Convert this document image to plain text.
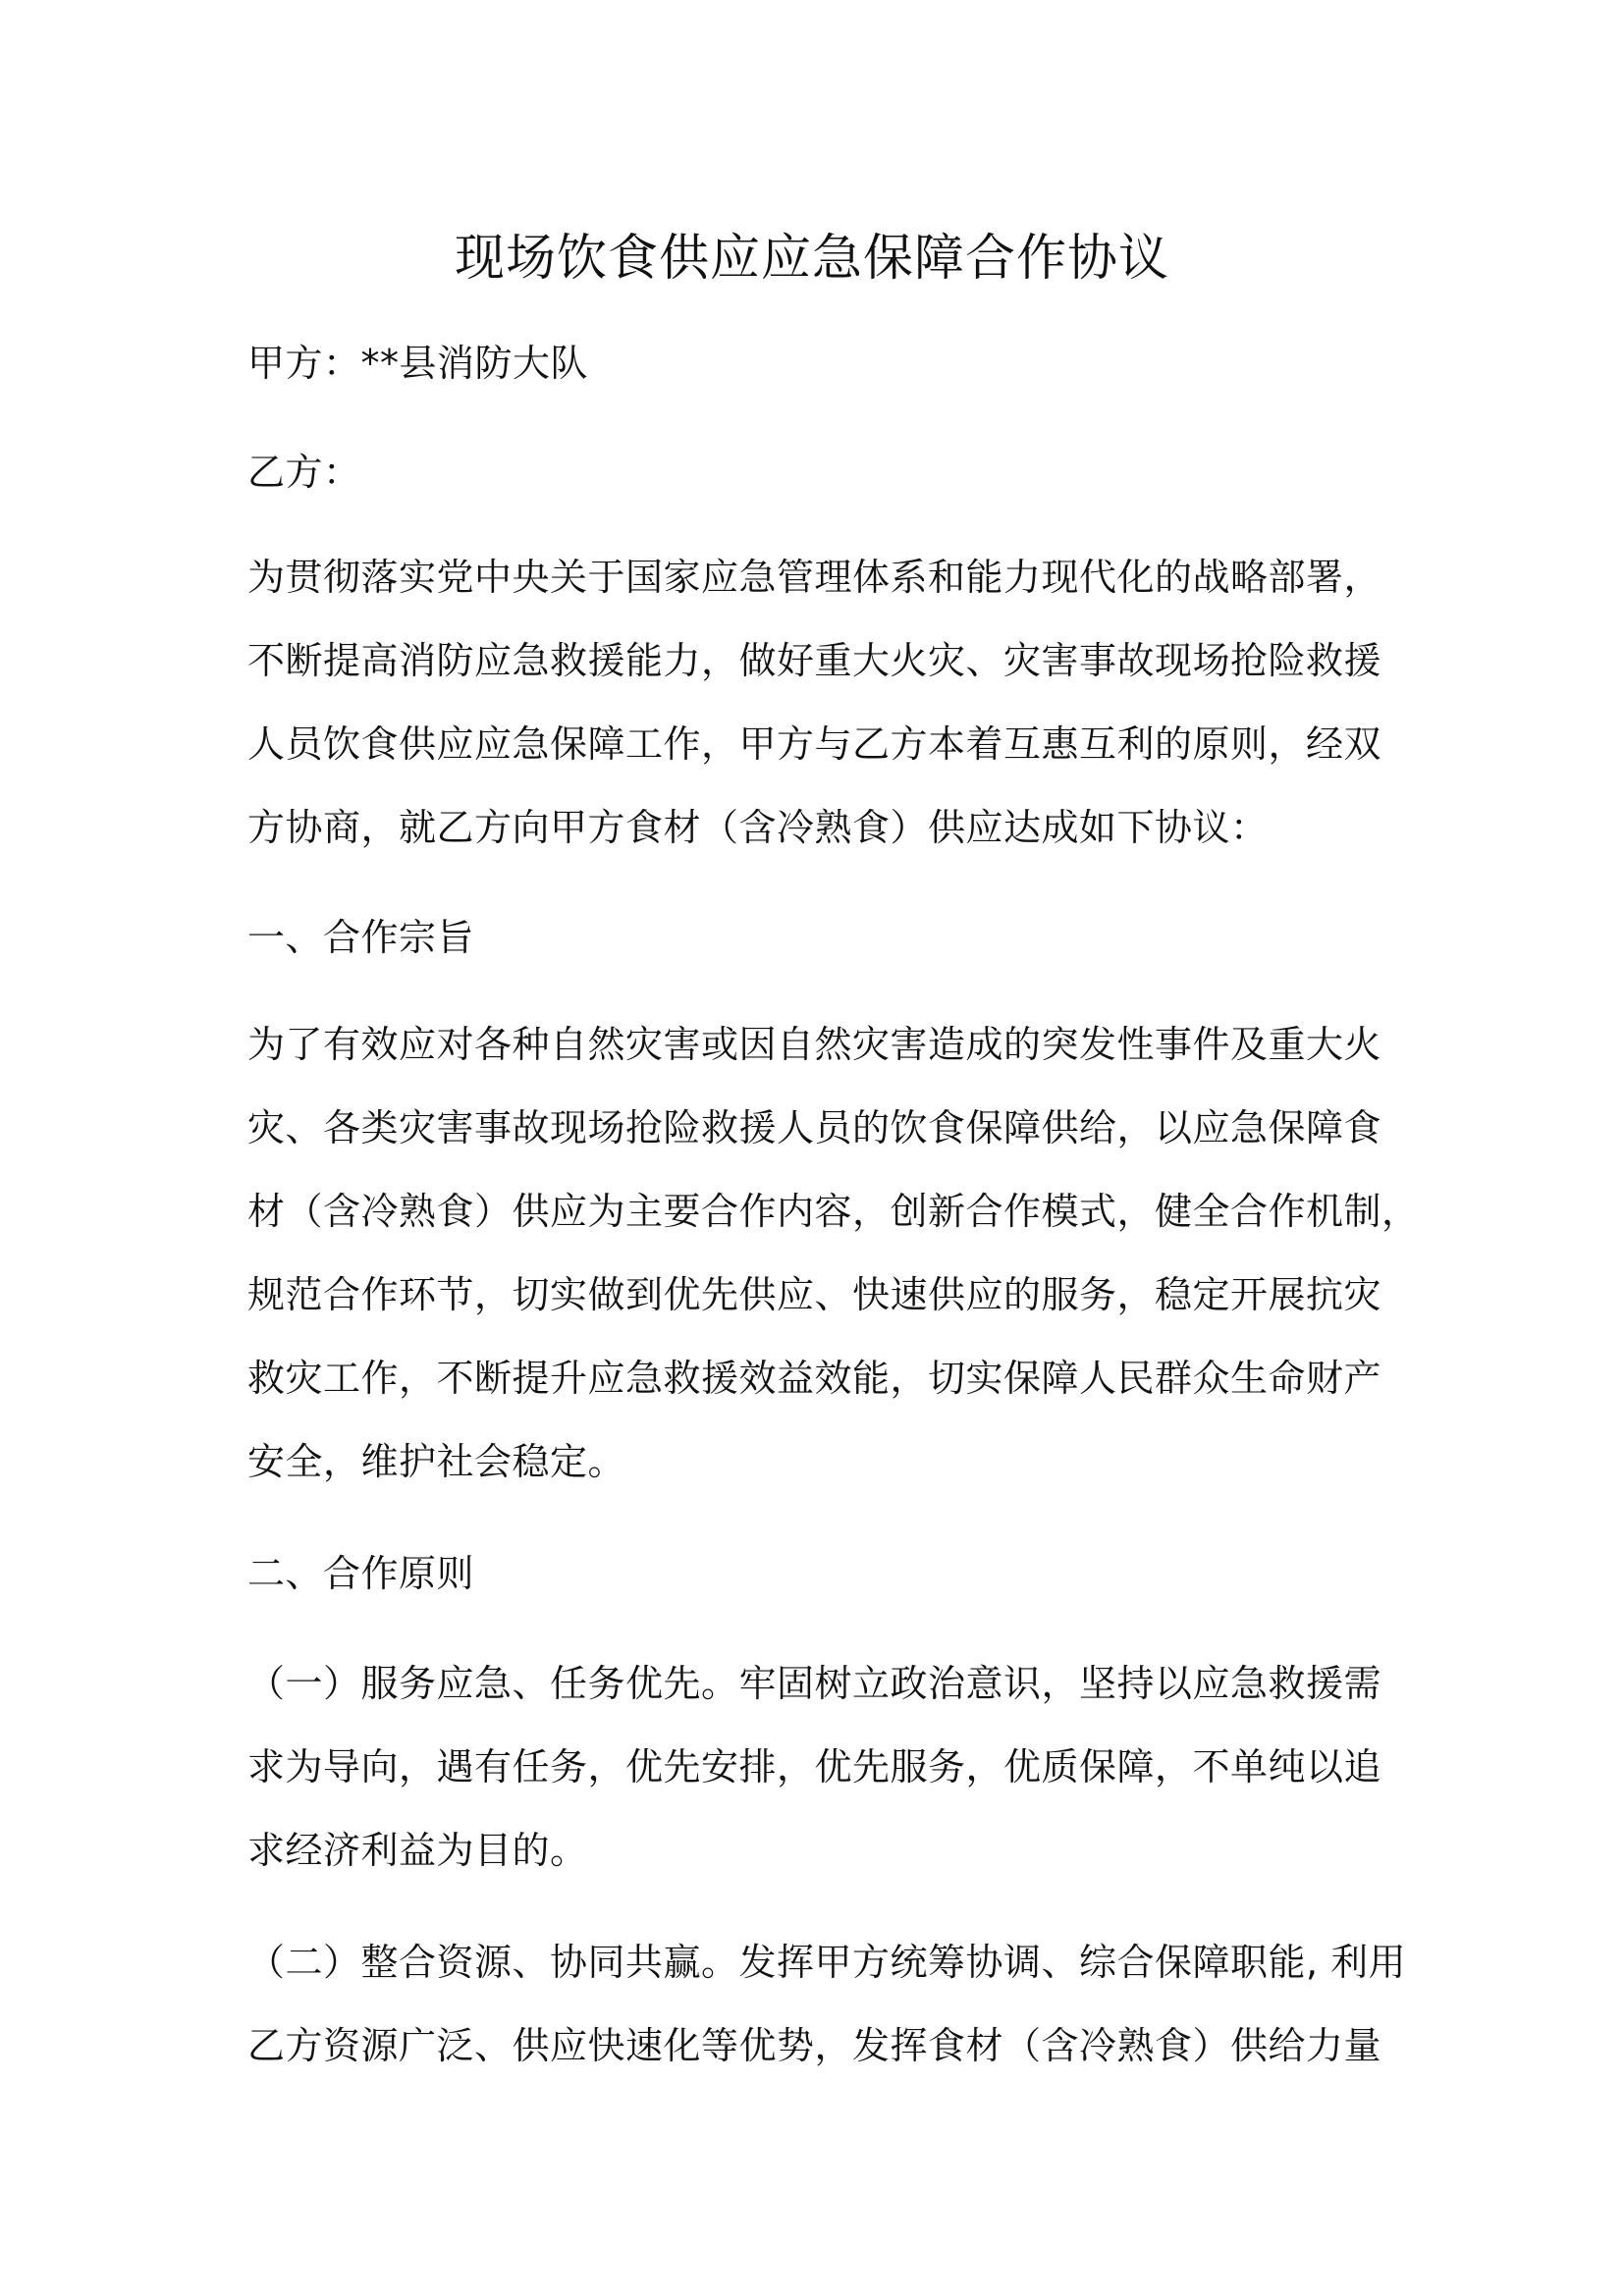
现场饮食供应应急保障合作协议

甲方：**县消防大队

乙方：

为贯彻落实党中央关于国家应急管理体系和能力现代化的战略部署，

不断提高消防应急救援能力，做好重大火灾、灾害事故现场抢险救援

人员饮食供应应急保障工作，甲方与乙方本着互惠互利的原则，经双

方协商，就乙方向甲方食材（含冷熟食）供应达成如下协议：

一、合作宗旨

为了有效应对各种自然灾害或因自然灾害造成的突发性事件及重大火

灾、各类灾害事故现场抢险救援人员的饮食保障供给，以应急保障食

材（含冷熟食）供应为主要合作内容，创新合作模式，健全合作机制，

规范合作环节，切实做到优先供应、快速供应的服务，稳定开展抗灾

救灾工作，不断提升应急救援效益效能，切实保障人民群众生命财产

安全，维护社会稳定。

二、合作原则

（一）服务应急、任务优先。牢固树立政治意识，坚持以应急救援需

求为导向，遇有任务，优先安排，优先服务，优质保障，不单纯以追

求经济利益为目的。

（二）整合资源、协同共赢。发挥甲方统筹协调、综合保障职能, 利用

乙方资源广泛、供应快速化等优势，发挥食材（含冷熟食）供给力量
